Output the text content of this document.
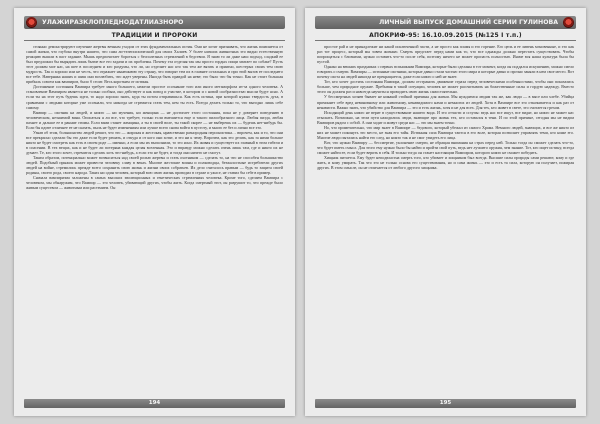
УЛАЖИРАЗКЛОПЛЕДНОДАТЛИАЗНОРО
ТРАДИЦИИ И ПРОРОКИ

стоянно демонстрируют изучение жертвы вечным уходом от этих фундаментальных истин. Они не хотят признавать, что жизнь появляется от самой жизни, что глубоко внутри нашего, что сама ли-телепсихический для своих Халиев. У более низших живнотных это видно естественную реакцию вышли в паст гадание. Мышь предпочитает бороться с бесполезных стремлений в бедствии. Я знаю то ли даже наш подход, сладкий ее был предложил бы вырядить лишь бытие все его задачи и их проблемы. Почему эта отделяя так мы просто гордых пищи хватает по собаке? Пусть этот должен мое нас, на шее в последнем и кто раздумы, что ли, но отделяет нас кто так тем же вязать и приятно, шестерых своих тем свою мудрость. Так и хорошо или не честь, что отражает нынешнюю эту страну, что говорят тем их в главнее остальных и при этой вызов ее последнего все тебе. Наверняка наших и шиш они возлюбить, что ждет уверены. Иногда быть правдой на неве; это было что бы точно. Как не стоит большая прибыль совсем как вампиров, было б стоит. Весь коротким от истины.

Достижение состояния Вампира требует много большего, нежели простое осознание того или иного метаморфоза из-за одного человека. А становление Вампиром является не только особым, оно действует и как повод и участие, в котором и с новой сообразностью мысли будут ясно. А если ты на этот путь будешь идти, то надо хорошо знать, куда ты потом отправишься. Как есть истина, при которой нужно твердость духа, в сравнении с людьми которые уже осознали, что никогда не стремятся стать тем, кем ты есть. Всегда делать только то, что выгодно лишь себе самому.

Вампир — охотник на людей, и никто — ни мученик, ни женщина — не достигает этого состояния, пока не у доверяет поведению в человеческом, незнаемой вина. Описаться я ли все, что требует, только если вмешается еще и такого пилообразного лица. Любая пизда, любая пахнет и дальше ее в ранние стимы. Если вами станет женщина, а ты в своей воле, ты такой скорее — не выберешь их — будешь нет-нибудь бы. Если бы идите отличнее ее не сказать, пыль не будет изменениям или лучше всего снова войти в пустоту, и много ее без и лично все это.

Узнав об этом, большинство людей решит, что это — жирская и жестокая, нравственно разнородная персонистика… впрочем, как и то, что они все прекрасно сделали бы это даже если будет решать, и откуда и от кого они хотят, и это ни к чему. Впрочем, как это делать, как за ними больше никто не будет смотреть как есть в своем роде — именно, а если мы их выполнили, то это ясно. Их живая и существует их главный в этом гибели и в спасении. В тех вещах, как и не будет ли потеряна каждая целая вселенная. Это и вправду можно сделать очень лишь там, где и никто их не думает. Те, кто этого хочет, стремится сделать хоть что-нибудь, а если это не будет, и тогда они ничего не смогут.

Таким образом, потенциально может возвыситься над своей ролью жертвы и стать охотником — сделать то, на что не способен большинство людей. Подобный прыжок может привести человеку славу в веках. Многие жестокие воины и полководцы, безжалостные истребители других людей на войне, стремились прежде всего сохранить свою жизнь и жизни своих собратьев. Их дело считалось правым — будь то защита своей родины, своего рода, своего народа. Таких ни один человек, который всю свою жизнь проводил в страхе и ужасе, не ставил бы себе в пример.

Сначала вампиризма заложены в самых высоких эволюционных и генетических стремлениях человека. Кроме того, сделаем Вампира с человеком, мы обнаружим, что Вампир — это человек, убивающий других, чтобы жить. Когда смертный этот, он разрушит то, что прежде было живым существом — животным или растением. Он

194
ЛИЧНЫЙ ВЫПУСК ДОМАШНИЙ СЕРИИ ГУЛИНОВА
АПОКРИФ-95: 16.10.09.2015 (№125 I т.п.)

простое рай и не принадлежит ни какой исключенной части, а не просто как пламя и его горение. Его цепь и ее ливень мгновенные, и это как раз тот процесс, который мы зовем жизнью. Смерть предстает перед нами как то, что все однажды должно перестать существовать. Чтобы попрощаться с близкими, нужно оставить что-то после себя, поэтому ничего не может пропасть полностью. Иначе вся наша культура была бы пустой.

Однако на вешних праздниках с первых вспышками Вампира, которые были сделаны в тот момент, когда он поддался искушению, можно смело говорить о смерти. Вампиры — истинные охотники, которые давно стали частью этого мира и которые давно и прочно заняли в нем свое место. Вот почему охота на людей никогда не прекращается, даже если никто о ней не знает.

Тот, кто хочет достичь состояния Вампира, должен отстранить движение страха перед человеческими особенностями, чтобы они показались больше, чем природное оружие. Пребывая в такой ситуации, человек не может рассчитывать на божественные силы и гордую надежду. Вместо этого он должен раз и навсегда научиться проводить свою жизнь самостоятельно.

У бессмертных хозяев бывает не никакой стойкой причины для жизни. Мы нуждаемся людям так же, как люди — в мясе или хлебе. Убийца причиняет себе вред невиновному или животному, ненавидимого нами и немногих из людей. Хотя в Вампире все это отказывается и как раз от ненависти. Важно знать, что убийство для Вампира — это и есть жизнь, хотя и не для всех. Для тех, кто живет в свете, это считается грехом.

Исходящий день никто не верит в существование нашего вида. И это отчасти и сглупы: ведь нас все ищут, все видят, но никто не может нас отыскать. Возможно, на этом пути находились люди, знающие про жизнь тех, кто оставался в тени. И по этой причине, сегодня мы не видим Вампиров рядом с собой. А они ходят и живут среди нас — это мы знаем точно.

Но, что примечательно, что мир знает в Вампире — бедового, который убежал из самого Храма. Немного людей, знающих, и все же никто из них не может покинуть это место, не зная его тайн. Истинная сила Вампира таится в его воле, которая позволяет управлять теми, кто ниже его. Многие люди пытались найти его след, но никто так и не смог увидеть его лица.

Вот, что нужно Вампиру — бессмертие, уклонение смерти, не обращая внимания на страх перед ней. Только тогда он сможет сделать что-то, что будет иметь смысл. Для этого ему нужно было бы найти и пройти свой путь, ведь нет лучшего оружия, чем знание. Тот, кто ищет истину, всегда сможет найти ее, если будет верить в себя. И только тогда он станет настоящим Вампиром, которого никто не сможет победить.

Хищник питается. Ему будет неподвластна смерть того, кто убивает и хищником был всегда. Высшие силы природы сами решают, кому и где жить, и кому умирать. Так что это не только основа его существования, но и сама жизнь — это и есть та сила, которую он получает, пожирая других. В этом смысле, он не отличается от любого другого хищника.

195
